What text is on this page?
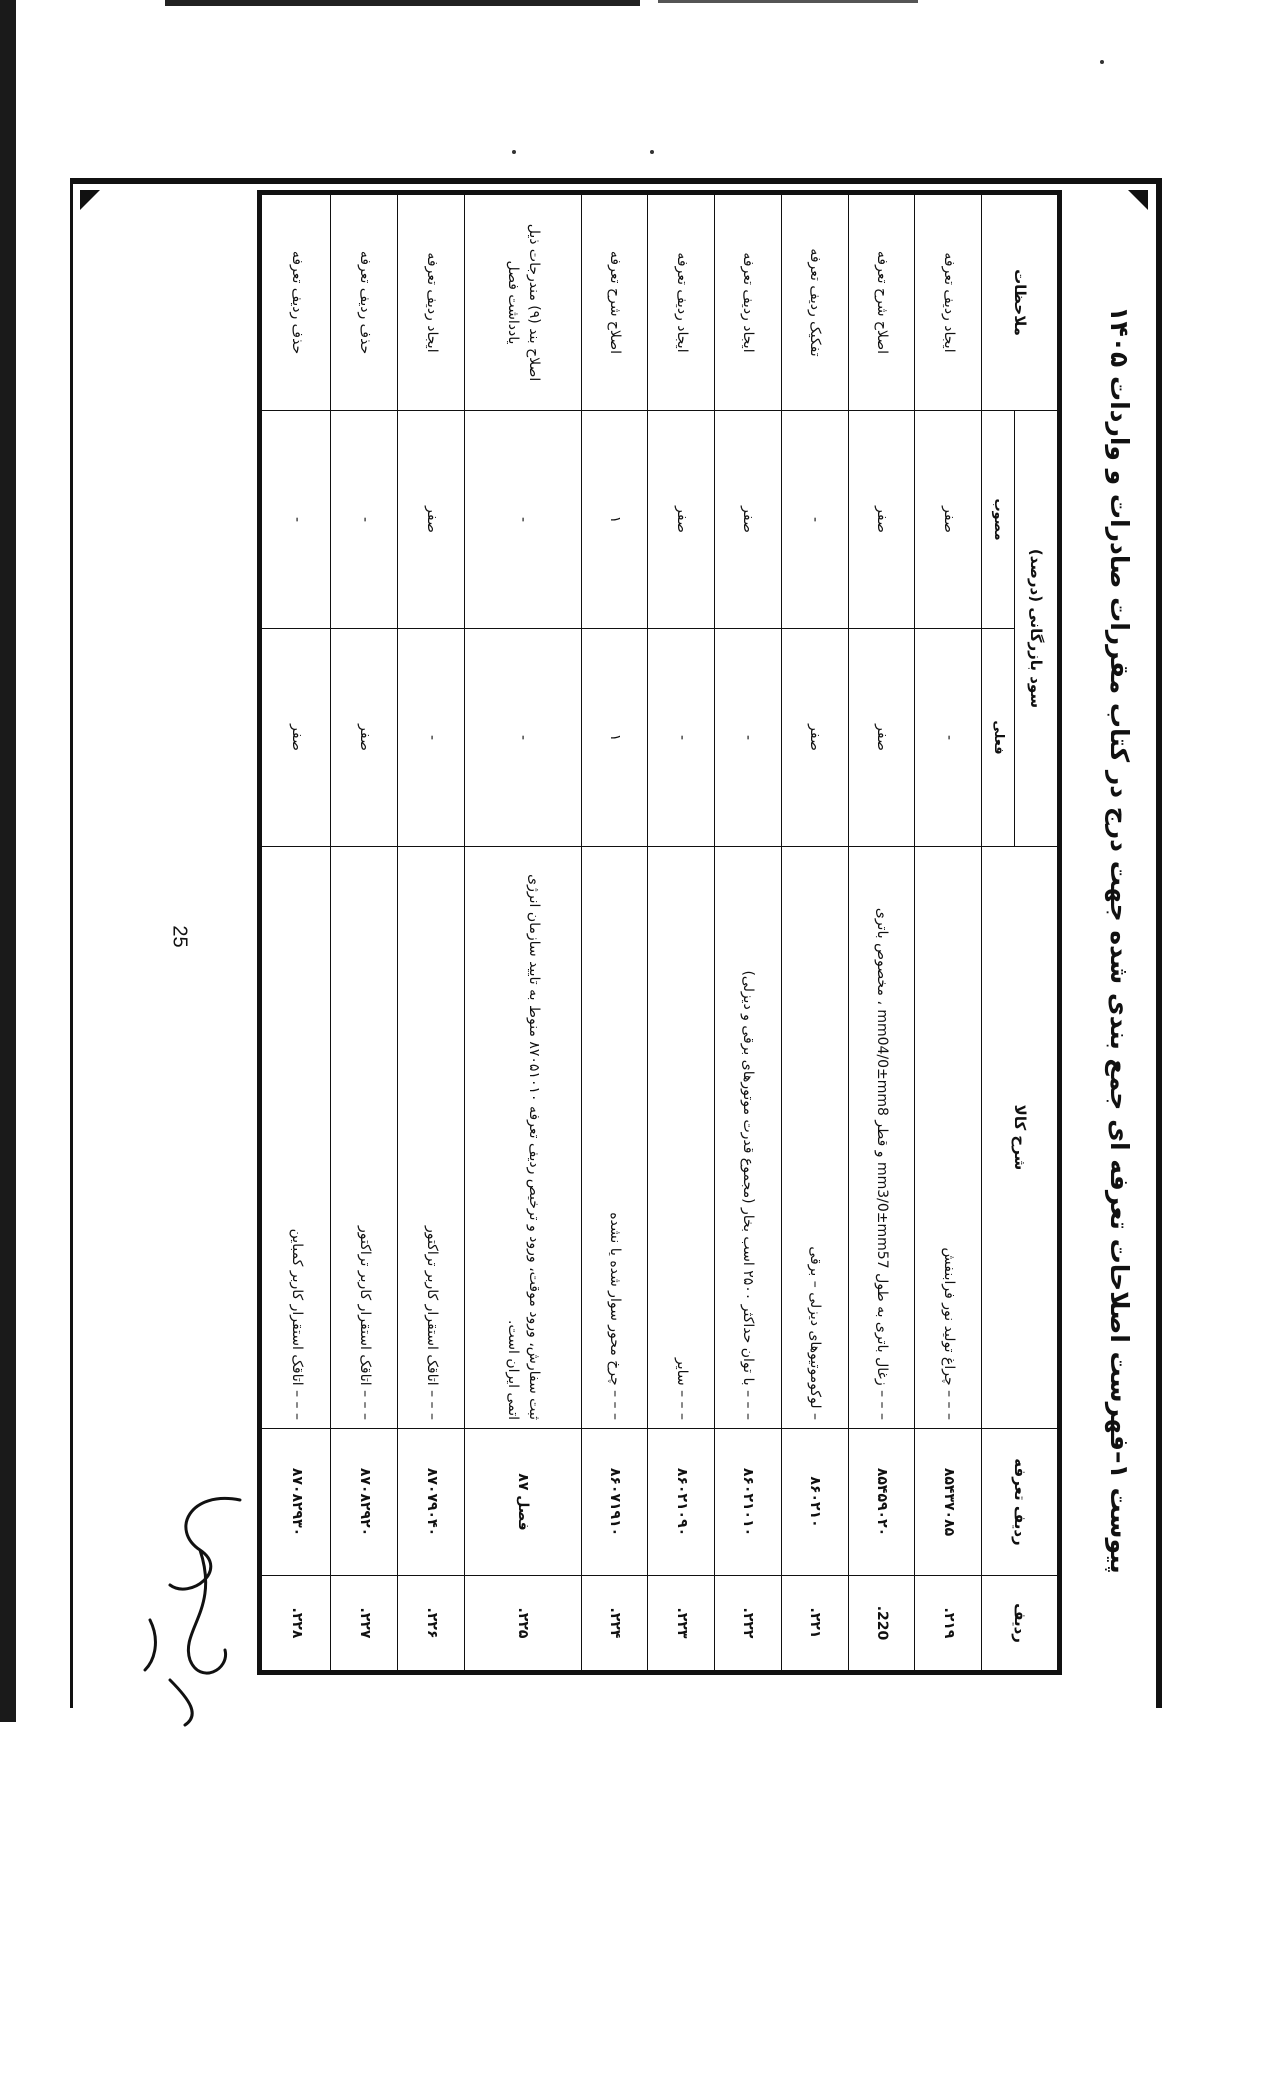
پیوست ۱–فهرست اصلاحات تعرفه ای جمع بندی شده جهت درج در کتاب مقررات صادرات و واردات ۱۴۰۵
ردیف	ردیف تعرفه	شرح کالا	سود بازرگانی (درصد)		ملاحظات
			فعلی	مصوب	
۲۱۹.	۸۵۴۳۷۰۸۵	– – – چراغ تولید نور فرابنفش	-	صفر	ایجاد ردیف تعرفه
220.	۸۵۴۵۹۰۲۰	– – – زغال باتری به طول mm3/0±mm57 و قطر mm04/0±mm8 ، مخصوص باتری	صفر	صفر	اصلاح شرح تعرفه
۲۲۱.	۸۶۰۲۱۰	– لوکوموتیوهای دیزلی – برقی	صفر	-	تفکیک ردیف تعرفه
۲۲۲.	۸۶۰۲۱۰۱۰	– – – با توان حداکثر ۲۵۰۰ اسب بخار (مجموع قدرت موتورهای برقی و دیزلی)	-	صفر	ایجاد ردیف تعرفه
۲۲۳.	۸۶۰۲۱۰۹۰	– – – سایر	-	صفر	ایجاد ردیف تعرفه
۲۲۴.	۸۶۰۷۱۹۱۰	– – – چرخ محور سوار شده یا نشده	۱	۱	اصلاح شرح تعرفه
۲۲۵.	فصل ۸۷	ثبت سفارش، ورود موقت، ورود و ترخیص ردیف تعرفه ۸۷۰۵۱۰۱۰ منوط به تایید سازمان انرژی اتمی ایران است.	-	-	اصلاح بند (۹) مندرجات ذیل یادداشت فصل
۲۲۶.	۸۷۰۷۹۰۴۰	– – – اتاقک استقرار کاربر تراکتور	-	صفر	ایجاد ردیف تعرفه
۲۲۷.	۸۷۰۸۲۹۲۰	– – – اتاقک استقرار کاربر تراکتور	صفر	-	حذف ردیف تعرفه
۲۲۸.	۸۷۰۸۲۹۳۰	– – – اتاقک استقرار کاربر کمباین	صفر	-	حذف ردیف تعرفه
25
